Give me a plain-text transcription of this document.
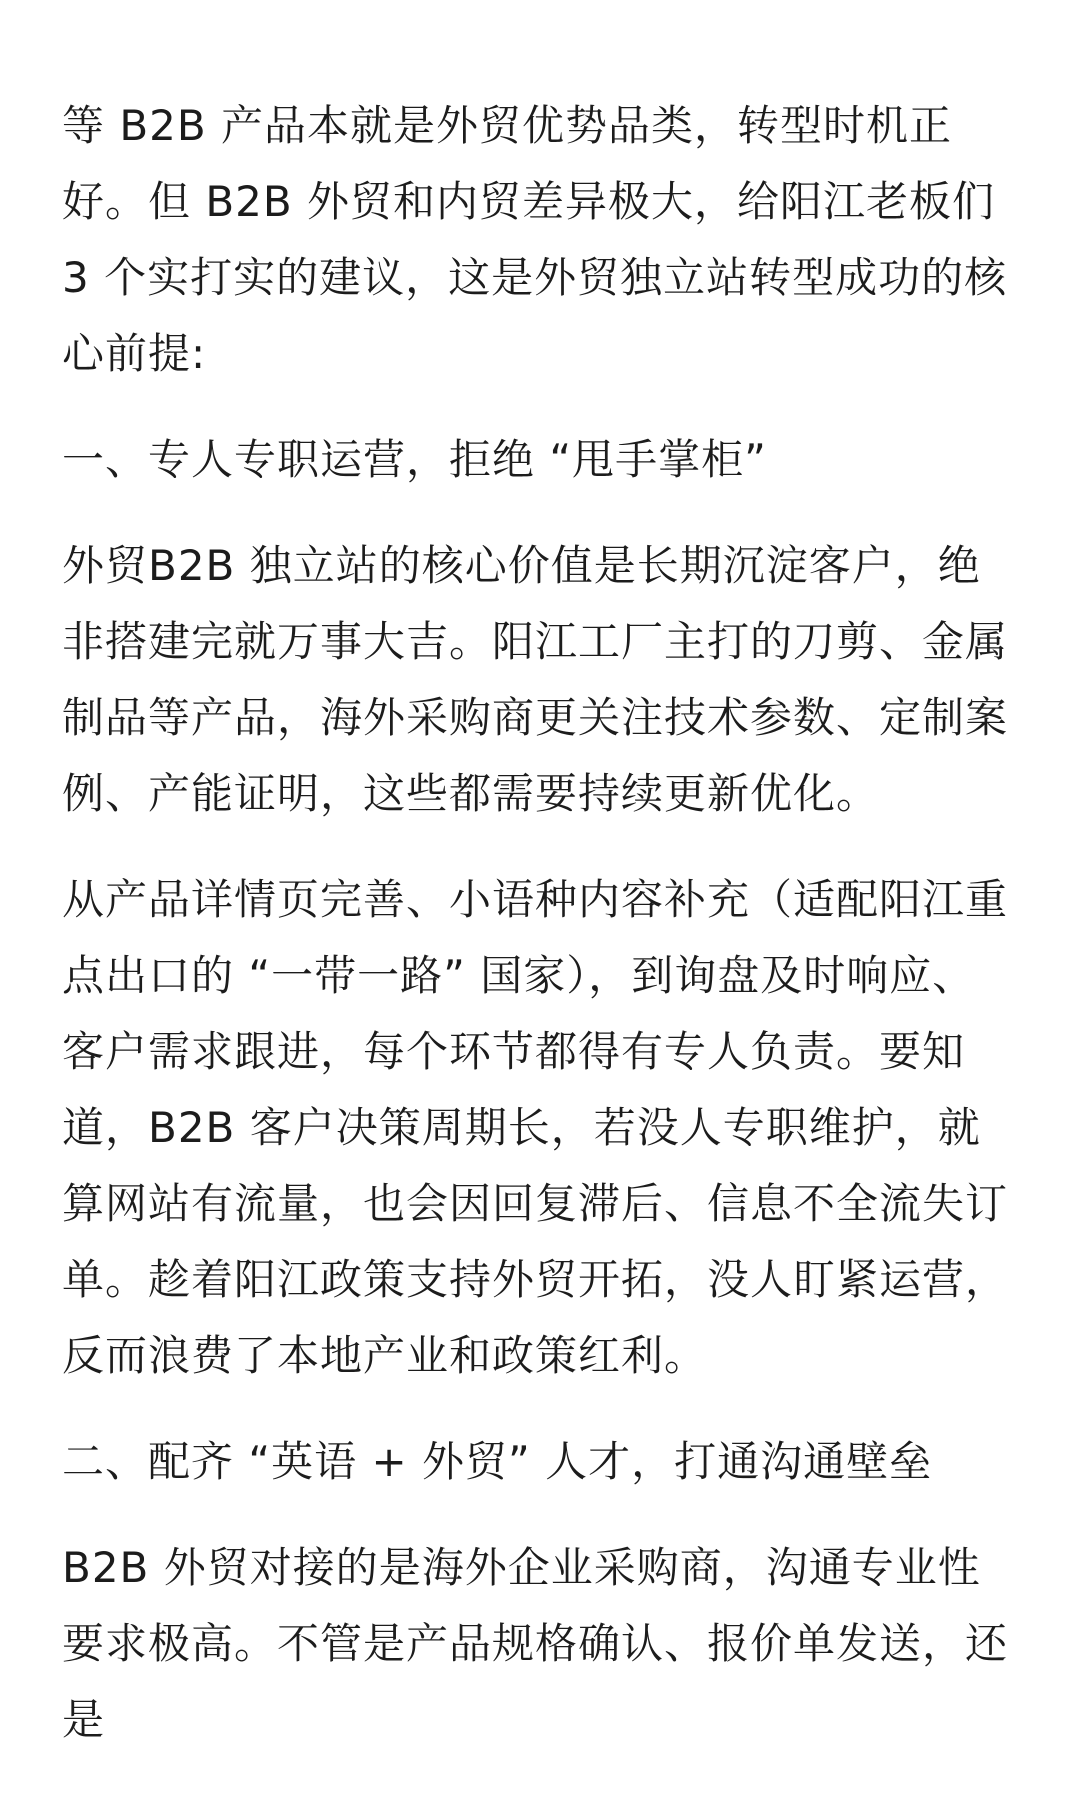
等 B2B 产品本就是外贸优势品类，转型时机正好。但 B2B 外贸和内贸差异极大，给阳江老板们 3 个实打实的建议，这是外贸独立站转型成功的核心前提:

一、专人专职运营，拒绝 “甩手掌柜”

外贸B2B 独立站的核心价值是长期沉淀客户，绝非搭建完就万事大吉。阳江工厂主打的刀剪、金属制品等产品，海外采购商更关注技术参数、定制案例、产能证明，这些都需要持续更新优化。

从产品详情页完善、小语种内容补充（适配阳江重点出口的 “一带一路” 国家），到询盘及时响应、客户需求跟进，每个环节都得有专人负责。要知道，B2B 客户决策周期长，若没人专职维护，就算网站有流量，也会因回复滞后、信息不全流失订单。趁着阳江政策支持外贸开拓，没人盯紧运营，反而浪费了本地产业和政策红利。

二、配齐 “英语 + 外贸” 人才，打通沟通壁垒

B2B 外贸对接的是海外企业采购商，沟通专业性要求极高。不管是产品规格确认、报价单发送，还是
